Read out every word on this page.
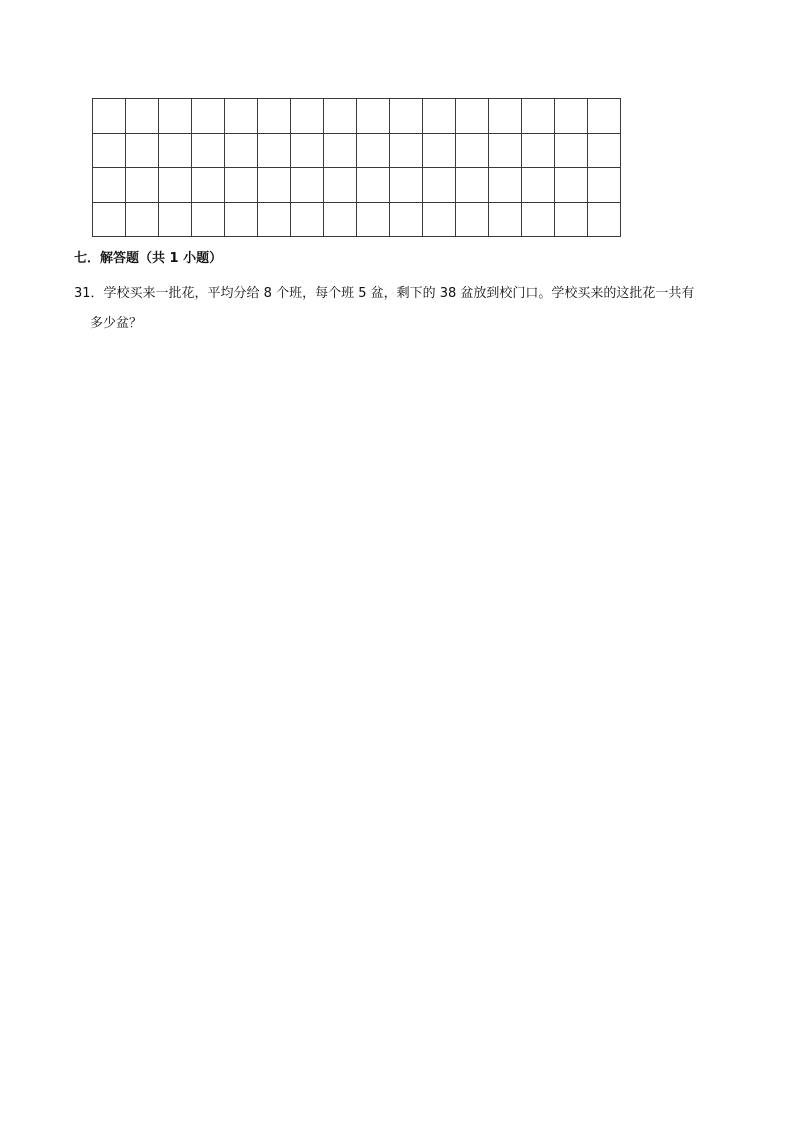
七．解答题（共 1 小题）
31．学校买来一批花，平均分给 8 个班，每个班 5 盆，剩下的 38 盆放到校门口。学校买来的这批花一共有
多少盆？
